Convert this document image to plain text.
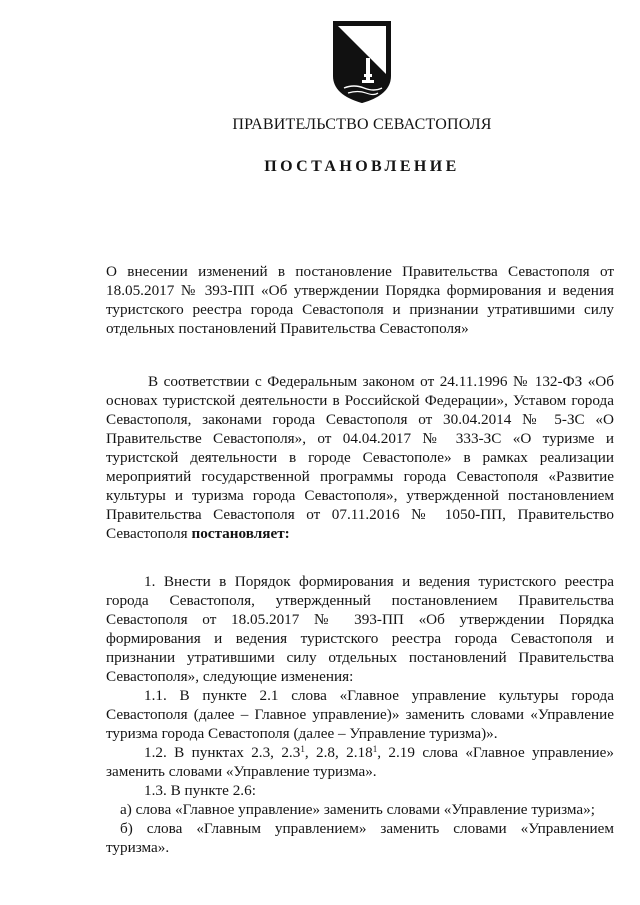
ПРАВИТЕЛЬСТВО СЕВАСТОПОЛЯ
ПОСТАНОВЛЕНИЕ
О внесении изменений в постановление Правительства Севастополя от 18.05.2017 № 393-ПП «Об утверждении Порядка формирования и ведения туристского реестра города Севастополя и признании утратившими силу отдельных постановлений Правительства Севастополя»
В соответствии с Федеральным законом от 24.11.1996 № 132-ФЗ «Об основах туристской деятельности в Российской Федерации», Уставом города Севастополя, законами города Севастополя от 30.04.2014 № 5-ЗС «О Правительстве Севастополя», от 04.04.2017 № 333-ЗС «О туризме и туристской деятельности в городе Севастополе» в рамках реализации мероприятий государственной программы города Севастополя «Развитие культуры и туризма города Севастополя», утвержденной постановлением Правительства Севастополя от 07.11.2016 № 1050-ПП, Правительство Севастополя постановляет:

1. Внести в Порядок формирования и ведения туристского реестра города Севастополя, утвержденный постановлением Правительства Севастополя от 18.05.2017 № 393-ПП «Об утверждении Порядка формирования и ведения туристского реестра города Севастополя и признании утратившими силу отдельных постановлений Правительства Севастополя», следующие изменения:

1.1. В пункте 2.1 слова «Главное управление культуры города Севастополя (далее – Главное управление)» заменить словами «Управление туризма города Севастополя (далее – Управление туризма)».

1.2. В пунктах 2.3, $2.3^1$, 2.8, 2.18$^1$, 2.19 слова «Главное управление» заменить словами «Управление туризма».

1.3. В пункте 2.6:

а) слова «Главное управление» заменить словами «Управление туризма»;

б) слова «Главным управлением» заменить словами «Управлением туризма».
